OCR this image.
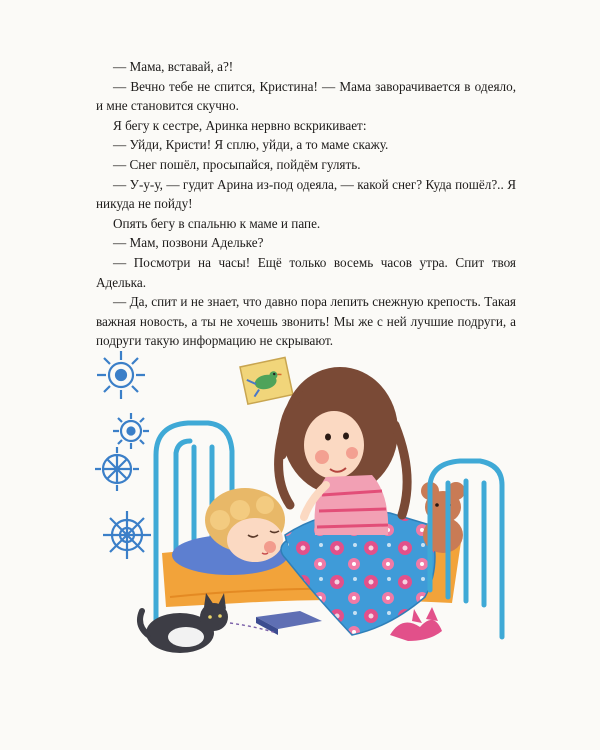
— Мама, вставай, а?!

— Вечно тебе не спится, Кристина! — Мама заворачивается в одеяло, и мне становится скучно.

Я бегу к сестре, Аринка нервно вскрикивает:

— Уйди, Кристи! Я сплю, уйди, а то маме скажу.

— Снег пошёл, просыпайся, пойдём гулять.

— У-у-у, — гудит Арина из-под одеяла, — какой снег? Куда пошёл?.. Я никуда не пойду!

Опять бегу в спальню к маме и папе.

— Мам, позвони Адельке?

— Посмотри на часы! Ещё только восемь часов утра. Спит твоя Аделька.

— Да, спит и не знает, что давно пора лепить снежную крепость. Такая важная новость, а ты не хочешь звонить! Мы же с ней лучшие подруги, а подруги такую информацию не скрывают.
